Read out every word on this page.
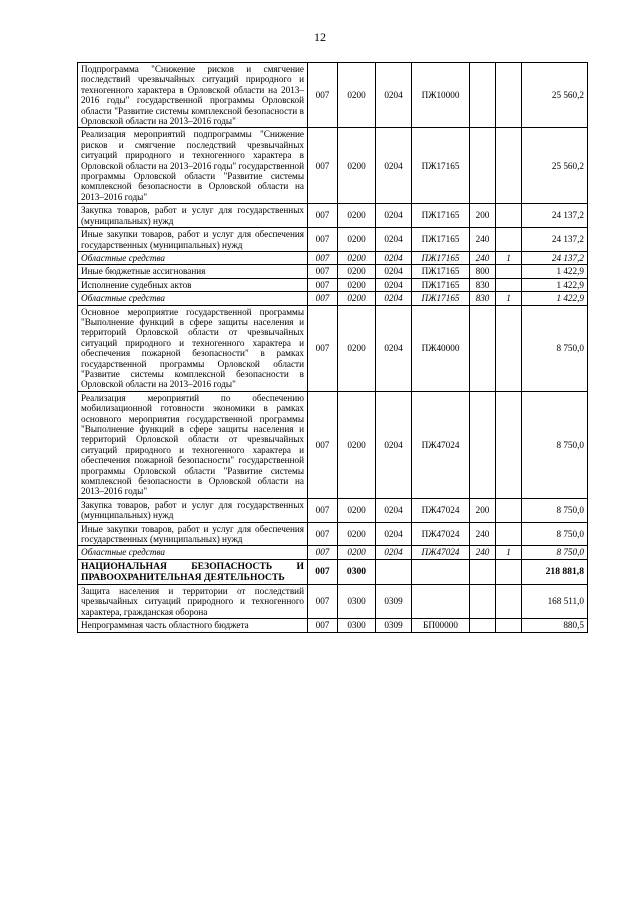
12
Подпрограмма "Снижение рисков и смягчение последствий чрезвычайных ситуаций природного и техногенного характера в Орловской области на 2013–2016 годы" государственной программы Орловской области "Развитие системы комплексной безопасности в Орловской области на 2013–2016 годы"	007	0200	0204	ПЖ10000			25 560,2
Реализация мероприятий подпрограммы "Снижение рисков и смягчение последствий чрезвычайных ситуаций природного и техногенного характера в Орловской области на 2013–2016 годы" государственной программы Орловской области "Развитие системы комплексной безопасности в Орловской области на 2013–2016 годы"	007	0200	0204	ПЖ17165			25 560,2
Закупка товаров, работ и услуг для государственных (муниципальных) нужд	007	0200	0204	ПЖ17165	200		24 137,2
Иные закупки товаров, работ и услуг для обеспечения государственных (муниципальных) нужд	007	0200	0204	ПЖ17165	240		24 137,2
Областные средства	007	0200	0204	ПЖ17165	240	1	24 137,2
Иные бюджетные ассигнования	007	0200	0204	ПЖ17165	800		1 422,9
Исполнение судебных актов	007	0200	0204	ПЖ17165	830		1 422,9
Областные средства	007	0200	0204	ПЖ17165	830	1	1 422,9
Основное мероприятие государственной программы "Выполнение функций в сфере защиты населения и территорий Орловской области от чрезвычайных ситуаций природного и техногенного характера и обеспечения пожарной безопасности" в рамках государственной программы Орловской области "Развитие системы комплексной безопасности в Орловской области на 2013–2016 годы"	007	0200	0204	ПЖ40000			8 750,0
Реализация мероприятий по обеспечению мобилизационной готовности экономики в рамках основного мероприятия государственной программы "Выполнение функций в сфере защиты населения и территорий Орловской области от чрезвычайных ситуаций природного и техногенного характера и обеспечения пожарной безопасности" государственной программы Орловской области "Развитие системы комплексной безопасности в Орловской области на 2013–2016 годы"	007	0200	0204	ПЖ47024			8 750,0
Закупка товаров, работ и услуг для государственных (муниципальных) нужд	007	0200	0204	ПЖ47024	200		8 750,0
Иные закупки товаров, работ и услуг для обеспечения государственных (муниципальных) нужд	007	0200	0204	ПЖ47024	240		8 750,0
Областные средства	007	0200	0204	ПЖ47024	240	1	8 750,0
НАЦИОНАЛЬНАЯ БЕЗОПАСНОСТЬ И ПРАВООХРАНИТЕЛЬНАЯ ДЕЯТЕЛЬНОСТЬ	007	0300					218 881,8
Защита населения и территории от последствий чрезвычайных ситуаций природного и техногенного характера, гражданская оборона	007	0300	0309				168 511,0
Непрограммная часть областного бюджета	007	0300	0309	БП00000			880,5
